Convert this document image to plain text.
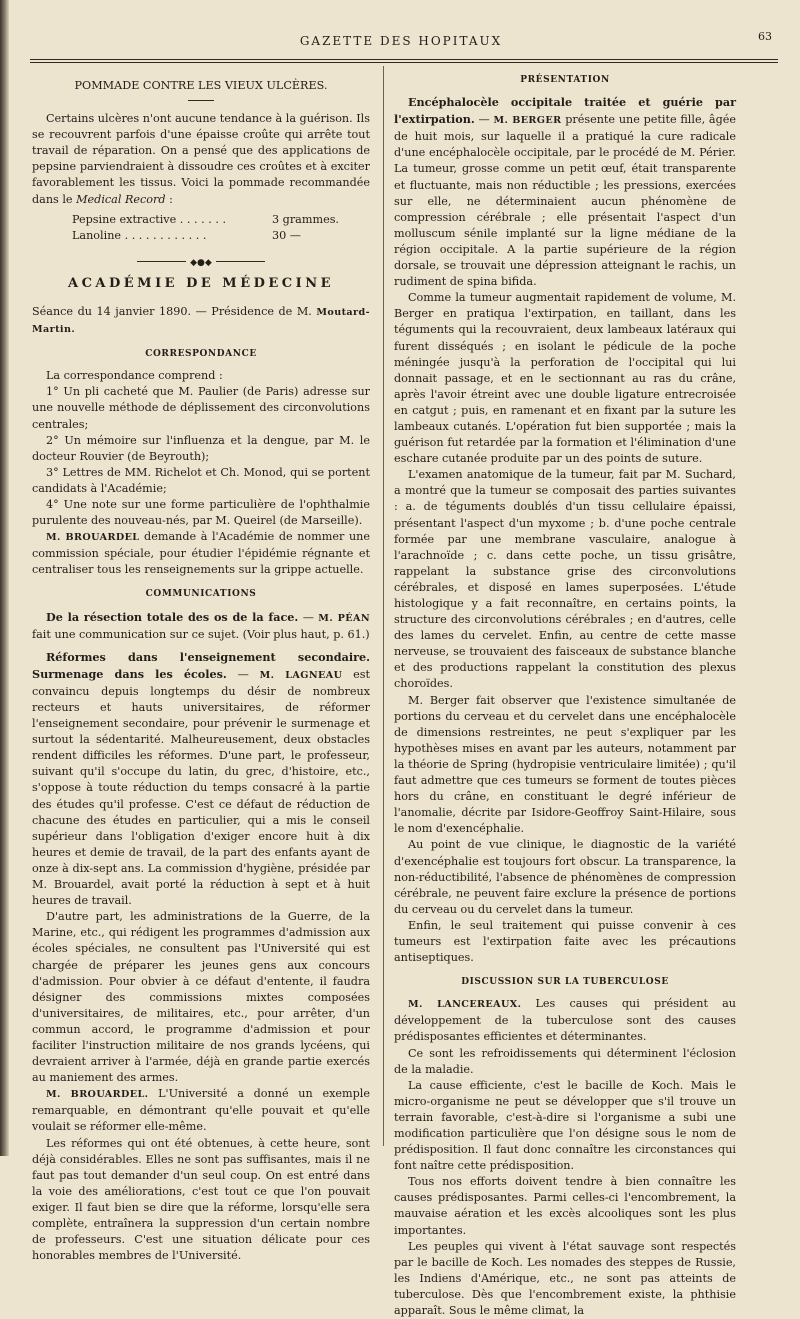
GAZETTE DES HOPITAUX	63
POMMADE CONTRE LES VIEUX ULCÈRES.

Certains ulcères n'ont aucune tendance à la guérison. Ils se recouvrent parfois d'une épaisse croûte qui arrête tout travail de réparation. On a pensé que des applications de pepsine parviendraient à dissoudre ces croûtes et à exciter favorablement les tissus. Voici la pommade recommandée dans le Medical Record :

Pepsine extractive . . . . . . .	3 grammes.
Lanoline . . . . . . . . . . . .	30 —
◆●◆
ACADÉMIE DE MÉDECINE

Séance du 14 janvier 1890. — Présidence de M. Moutard-Martin.

CORRESPONDANCE

La correspondance comprend :

1° Un pli cacheté que M. Paulier (de Paris) adresse sur une nouvelle méthode de déplissement des circonvolutions centrales;

2° Un mémoire sur l'influenza et la dengue, par M. le docteur Rouvier (de Beyrouth);

3° Lettres de MM. Richelot et Ch. Monod, qui se portent candidats à l'Académie;

4° Une note sur une forme particulière de l'ophthalmie purulente des nouveau-nés, par M. Queirel (de Marseille).

M. BROUARDEL demande à l'Académie de nommer une commission spéciale, pour étudier l'épidémie régnante et centraliser tous les renseignements sur la grippe actuelle.

COMMUNICATIONS

De la résection totale des os de la face. — M. PÉAN fait une communication sur ce sujet. (Voir plus haut, p. 61.)

Réformes dans l'enseignement secondaire. Surmenage dans les écoles. — M. LAGNEAU est convaincu depuis longtemps du désir de nombreux recteurs et hauts universitaires, de réformer l'enseignement secondaire, pour prévenir le surmenage et surtout la sédentarité. Malheureusement, deux obstacles rendent difficiles les réformes. D'une part, le professeur, suivant qu'il s'occupe du latin, du grec, d'histoire, etc., s'oppose à toute réduction du temps consacré à la partie des études qu'il professe. C'est ce défaut de réduction de chacune des études en particulier, qui a mis le conseil supérieur dans l'obligation d'exiger encore huit à dix heures et demie de travail, de la part des enfants ayant de onze à dix-sept ans. La commission d'hygiène, présidée par M. Brouardel, avait porté la réduction à sept et à huit heures de travail.

D'autre part, les administrations de la Guerre, de la Marine, etc., qui rédigent les programmes d'admission aux écoles spéciales, ne consultent pas l'Université qui est chargée de préparer les jeunes gens aux concours d'admission. Pour obvier à ce défaut d'entente, il faudra désigner des commissions mixtes composées d'universitaires, de militaires, etc., pour arrêter, d'un commun accord, le programme d'admission et pour faciliter l'instruction militaire de nos grands lycéens, qui devraient arriver à l'armée, déjà en grande partie exercés au maniement des armes.

M. BROUARDEL. L'Université a donné un exemple remarquable, en démontrant qu'elle pouvait et qu'elle voulait se réformer elle-même.

Les réformes qui ont été obtenues, à cette heure, sont déjà considérables. Elles ne sont pas suffisantes, mais il ne faut pas tout demander d'un seul coup. On est entré dans la voie des améliorations, c'est tout ce que l'on pouvait exiger. Il faut bien se dire que la réforme, lorsqu'elle sera complète, entraînera la suppression d'un certain nombre de professeurs. C'est une situation délicate pour ces honorables membres de l'Université.

PRÉSENTATION

Encéphalocèle occipitale traitée et guérie par l'extirpation. — M. BERGER présente une petite fille, âgée de huit mois, sur laquelle il a pratiqué la cure radicale d'une encéphalocèle occipitale, par le procédé de M. Périer. La tumeur, grosse comme un petit œuf, était transparente et fluctuante, mais non réductible ; les pressions, exercées sur elle, ne déterminaient aucun phénomène de compression cérébrale ; elle présentait l'aspect d'un molluscum sénile implanté sur la ligne médiane de la région occipitale. A la partie supérieure de la région dorsale, se trouvait une dépression atteignant le rachis, un rudiment de spina bifida.

Comme la tumeur augmentait rapidement de volume, M. Berger en pratiqua l'extirpation, en taillant, dans les téguments qui la recouvraient, deux lambeaux latéraux qui furent disséqués ; en isolant le pédicule de la poche méningée jusqu'à la perforation de l'occipital qui lui donnait passage, et en le sectionnant au ras du crâne, après l'avoir étreint avec une double ligature entrecroisée en catgut ; puis, en ramenant et en fixant par la suture les lambeaux cutanés. L'opération fut bien supportée ; mais la guérison fut retardée par la formation et l'élimination d'une eschare cutanée produite par un des points de suture.

L'examen anatomique de la tumeur, fait par M. Suchard, a montré que la tumeur se composait des parties suivantes : a. de téguments doublés d'un tissu cellulaire épaissi, présentant l'aspect d'un myxome ; b. d'une poche centrale formée par une membrane vasculaire, analogue à l'arachnoïde ; c. dans cette poche, un tissu grisâtre, rappelant la substance grise des circonvolutions cérébrales, et disposé en lames superposées. L'étude histologique y a fait reconnaître, en certains points, la structure des circonvolutions cérébrales ; en d'autres, celle des lames du cervelet. Enfin, au centre de cette masse nerveuse, se trouvaient des faisceaux de substance blanche et des productions rappelant la constitution des plexus choroïdes.

M. Berger fait observer que l'existence simultanée de portions du cerveau et du cervelet dans une encéphalocèle de dimensions restreintes, ne peut s'expliquer par les hypothèses mises en avant par les auteurs, notamment par la théorie de Spring (hydropisie ventriculaire limitée) ; qu'il faut admettre que ces tumeurs se forment de toutes pièces hors du crâne, en constituant le degré inférieur de l'anomalie, décrite par Isidore-Geoffroy Saint-Hilaire, sous le nom d'exencéphalie.

Au point de vue clinique, le diagnostic de la variété d'exencéphalie est toujours fort obscur. La transparence, la non-réductibilité, l'absence de phénomènes de compression cérébrale, ne peuvent faire exclure la présence de portions du cerveau ou du cervelet dans la tumeur.

Enfin, le seul traitement qui puisse convenir à ces tumeurs est l'extirpation faite avec les précautions antiseptiques.

DISCUSSION SUR LA TUBERCULOSE

M. LANCEREAUX. Les causes qui président au développement de la tuberculose sont des causes prédisposantes efficientes et déterminantes.

Ce sont les refroidissements qui déterminent l'éclosion de la maladie.

La cause efficiente, c'est le bacille de Koch. Mais le micro-organisme ne peut se développer que s'il trouve un terrain favorable, c'est-à-dire si l'organisme a subi une modification particulière que l'on désigne sous le nom de prédisposition. Il faut donc connaître les circonstances qui font naître cette prédisposition.

Tous nos efforts doivent tendre à bien connaître les causes prédisposantes. Parmi celles-ci l'encombrement, la mauvaise aération et les excès alcooliques sont les plus importantes.

Les peuples qui vivent à l'état sauvage sont respectés par le bacille de Koch. Les nomades des steppes de Russie, les Indiens d'Amérique, etc., ne sont pas atteints de tuberculose. Dès que l'encombrement existe, la phthisie apparaît. Sous le même climat, la
